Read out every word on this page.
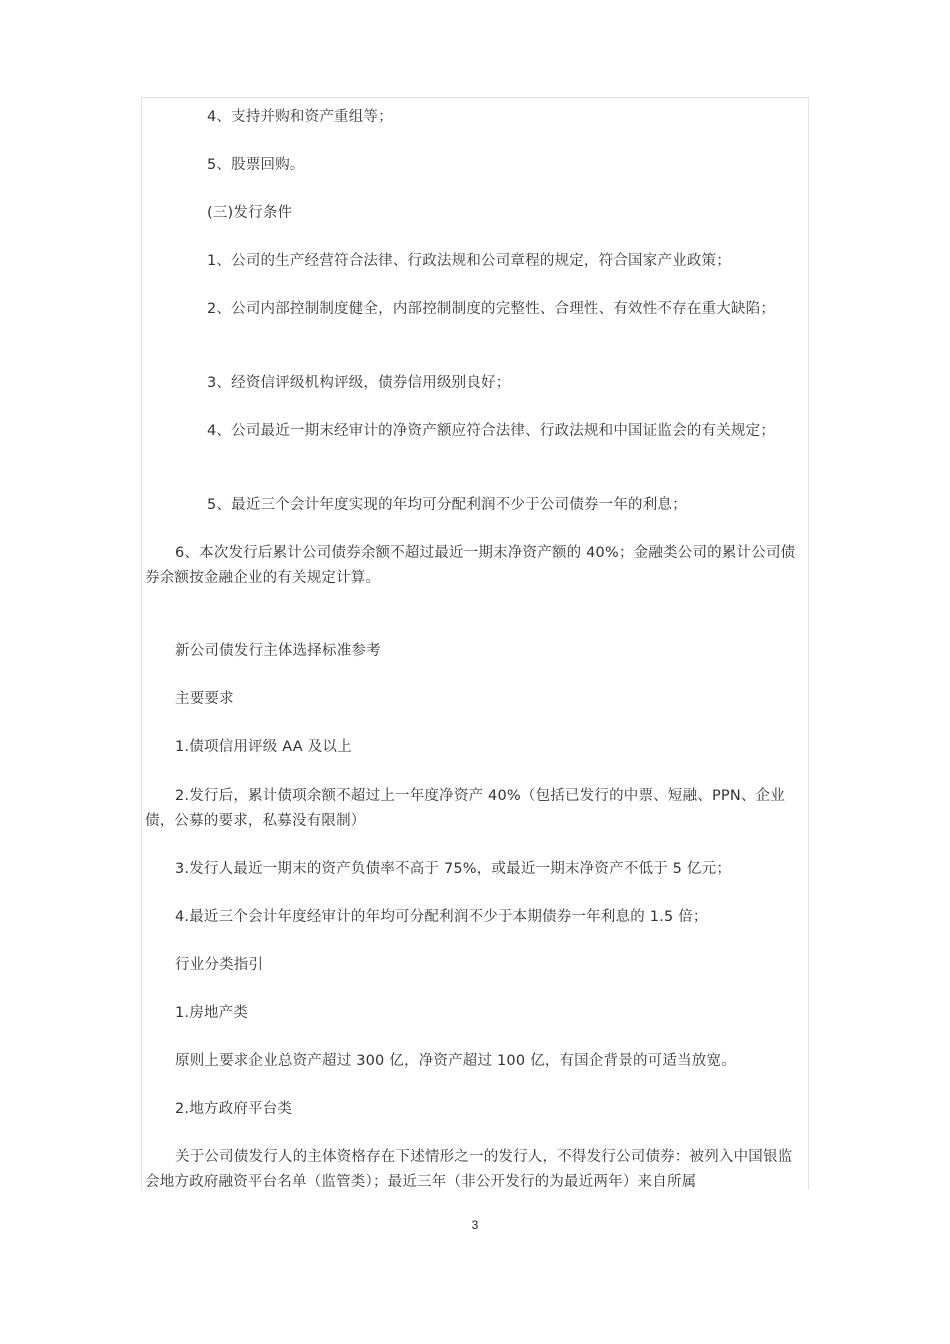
4、支持并购和资产重组等；
5、股票回购。
(三)发行条件
1、公司的生产经营符合法律、行政法规和公司章程的规定，符合国家产业政策；
2、公司内部控制制度健全，内部控制制度的完整性、合理性、有效性不存在重大缺陷；
3、经资信评级机构评级，债券信用级别良好；
4、公司最近一期末经审计的净资产额应符合法律、行政法规和中国证监会的有关规定；
5、最近三个会计年度实现的年均可分配利润不少于公司债券一年的利息；
6、本次发行后累计公司债券余额不超过最近一期末净资产额的 40%；金融类公司的累计公司债券余额按金融企业的有关规定计算。
新公司债发行主体选择标准参考
主要要求
1.债项信用评级 AA 及以上
2.发行后，累计债项余额不超过上一年度净资产 40%（包括已发行的中票、短融、PPN、企业债，公募的要求，私募没有限制）
3.发行人最近一期末的资产负债率不高于 75%，或最近一期末净资产不低于 5 亿元；
4.最近三个会计年度经审计的年均可分配利润不少于本期债券一年利息的 1.5 倍；
行业分类指引
1.房地产类
原则上要求企业总资产超过 300 亿，净资产超过 100 亿，有国企背景的可适当放宽。
2.地方政府平台类
关于公司债发行人的主体资格存在下述情形之一的发行人，不得发行公司债券：被列入中国银监会地方政府融资平台名单（监管类）；最近三年（非公开发行的为最近两年）来自所属
3
